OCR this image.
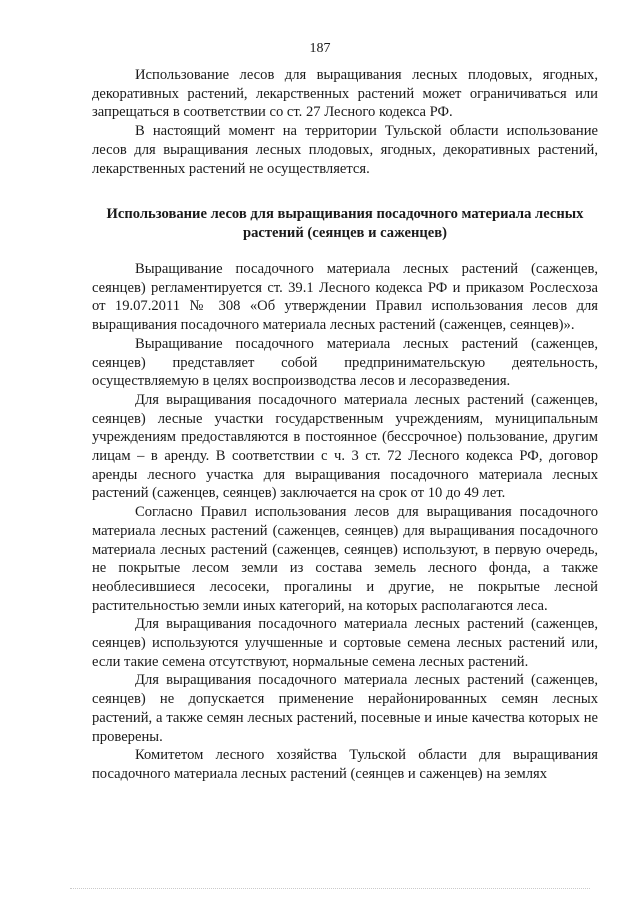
187

Использование лесов для выращивания лесных плодовых, ягодных, декоративных растений, лекарственных растений может ограничиваться или запрещаться в соответствии со ст. 27 Лесного кодекса РФ.

В настоящий момент на территории Тульской области использование лесов для выращивания лесных плодовых, ягодных, декоративных растений, лекарственных растений не осуществляется.

Использование лесов для выращивания посадочного материала лесных растений (сеянцев и саженцев)

Выращивание посадочного материала лесных растений (саженцев, сеянцев) регламентируется ст. 39.1 Лесного кодекса РФ и приказом Рослесхоза от 19.07.2011 № 308 «Об утверждении Правил использования лесов для выращивания посадочного материала лесных растений (саженцев, сеянцев)».

Выращивание посадочного материала лесных растений (саженцев, сеянцев) представляет собой предпринимательскую деятельность, осуществляемую в целях воспроизводства лесов и лесоразведения.

Для выращивания посадочного материала лесных растений (саженцев, сеянцев) лесные участки государственным учреждениям, муниципальным учреждениям предоставляются в постоянное (бессрочное) пользование, другим лицам – в аренду. В соответствии с ч. 3 ст. 72 Лесного кодекса РФ, договор аренды лесного участка для выращивания посадочного материала лесных растений (саженцев, сеянцев) заключается на срок от 10 до 49 лет.

Согласно Правил использования лесов для выращивания посадочного материала лесных растений (саженцев, сеянцев) для выращивания посадочного материала лесных растений (саженцев, сеянцев) используют, в первую очередь, не покрытые лесом земли из состава земель лесного фонда, а также необлесившиеся лесосеки, прогалины и другие, не покрытые лесной растительностью земли иных категорий, на которых располагаются леса.

Для выращивания посадочного материала лесных растений (саженцев, сеянцев) используются улучшенные и сортовые семена лесных растений или, если такие семена отсутствуют, нормальные семена лесных растений.

Для выращивания посадочного материала лесных растений (саженцев, сеянцев) не допускается применение нерайонированных семян лесных растений, а также семян лесных растений, посевные и иные качества которых не проверены.

Комитетом лесного хозяйства Тульской области для выращивания посадочного материала лесных растений (сеянцев и саженцев) на землях
